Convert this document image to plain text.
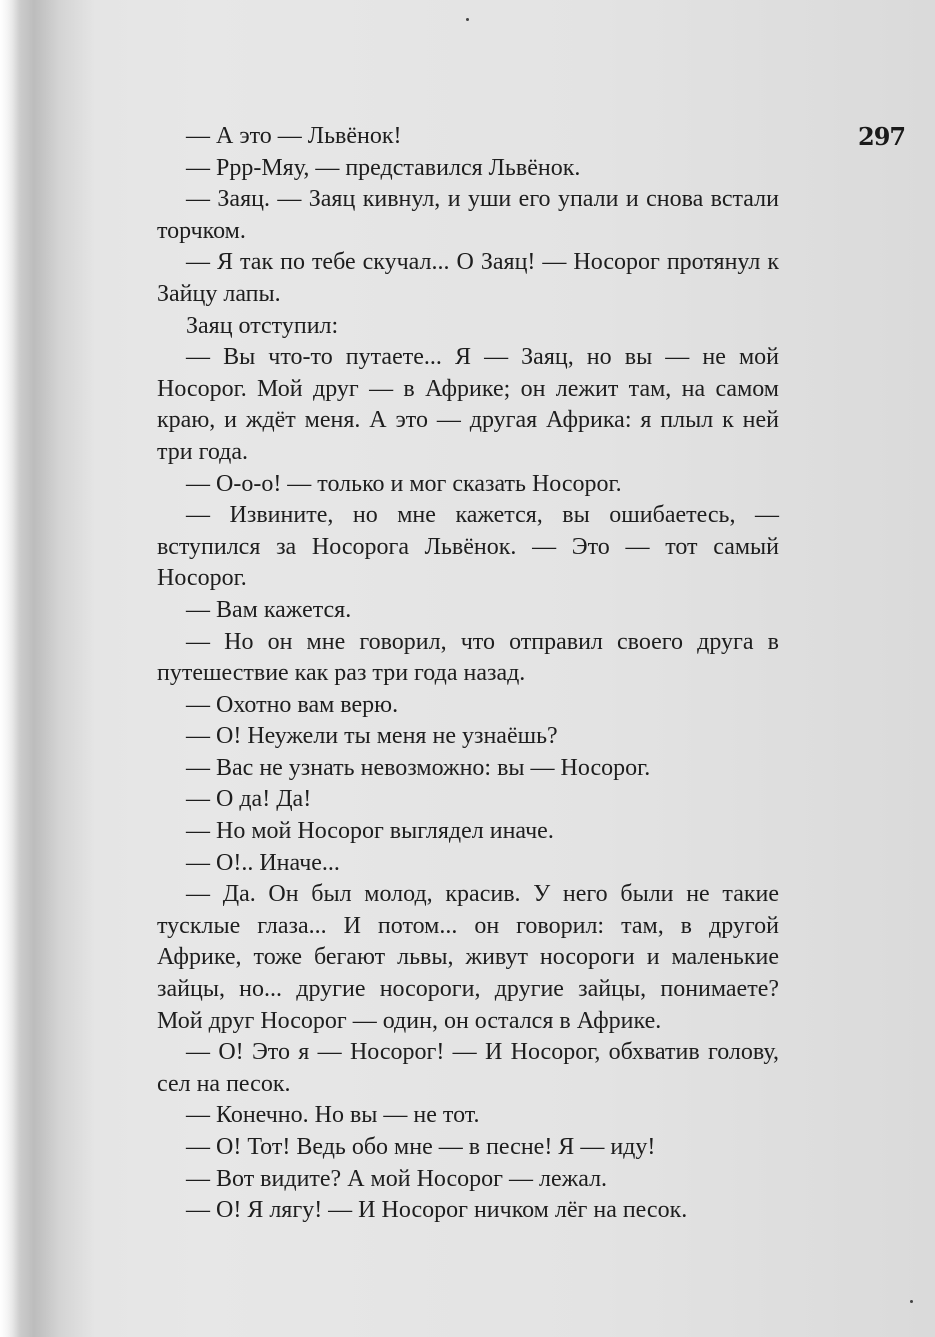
297

— А это — Львёнок!

— Ррр-Мяу, — представился Львёнок.

— Заяц. — Заяц кивнул, и уши его упали и снова встали торчком.

— Я так по тебе скучал... О Заяц! — Носорог протянул к Зайцу лапы.

Заяц отступил:

— Вы что-то путаете... Я — Заяц, но вы — не мой Носорог. Мой друг — в Африке; он лежит там, на самом краю, и ждёт меня. А это — другая Африка: я плыл к ней три года.

— О-о-о! — только и мог сказать Носорог.

— Извините, но мне кажется, вы ошибаетесь, — вступился за Носорога Львёнок. — Это — тот самый Носорог.

— Вам кажется.

— Но он мне говорил, что отправил своего друга в путешествие как раз три года назад.

— Охотно вам верю.

— О! Неужели ты меня не узнаёшь?

— Вас не узнать невозможно: вы — Носорог.

— О да! Да!

— Но мой Носорог выглядел иначе.

— О!.. Иначе...

— Да. Он был молод, красив. У него были не такие тусклые глаза... И потом... он говорил: там, в другой Африке, тоже бегают львы, живут носороги и маленькие зайцы, но... другие носороги, другие зайцы, понимаете? Мой друг Носорог — один, он остался в Африке.

— О! Это я — Носорог! — И Носорог, обхватив голову, сел на песок.

— Конечно. Но вы — не тот.

— О! Тот! Ведь обо мне — в песне! Я — иду!

— Вот видите? А мой Носорог — лежал.

— О! Я лягу! — И Носорог ничком лёг на песок.
